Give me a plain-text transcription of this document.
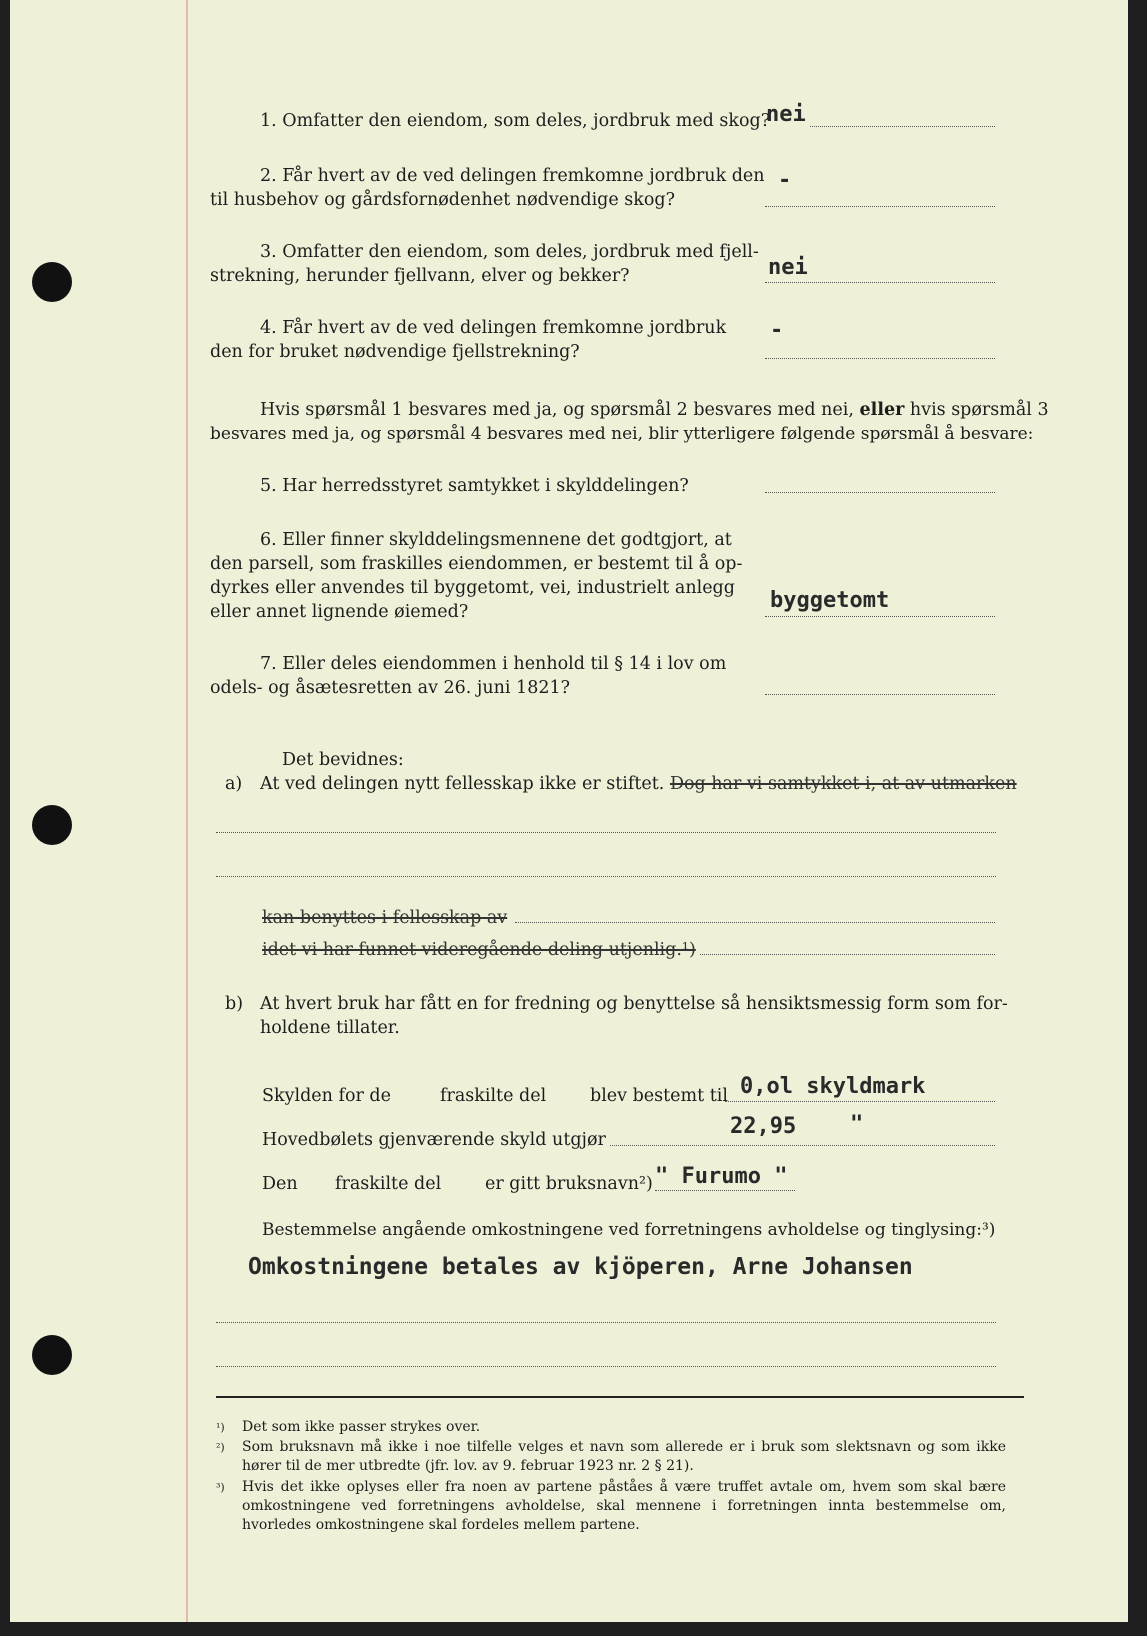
1. Omfatter den eiendom, som deles, jordbruk med skog?
nei
2. Får hvert av de ved delingen fremkomne jordbruk den
til husbehov og gårdsfornødenhet nødvendige skog?
-
3. Omfatter den eiendom, som deles, jordbruk med fjell-
strekning, herunder fjellvann, elver og bekker?	nei
4. Får hvert av de ved delingen fremkomne jordbruk
den for bruket nødvendige fjellstrekning?
-
Hvis spørsmål 1 besvares med ja, og spørsmål 2 besvares med nei, eller hvis spørsmål 3
besvares med ja, og spørsmål 4 besvares med nei, blir ytterligere følgende spørsmål å besvare:
5. Har herredsstyret samtykket i skylddelingen?
6. Eller finner skylddelingsmennene det godtgjort, at
den parsell, som fraskilles eiendommen, er bestemt til å op-
dyrkes eller anvendes til byggetomt, vei, industrielt anlegg
eller annet lignende øiemed?	byggetomt
7. Eller deles eiendommen i henhold til § 14 i lov om
odels- og åsætesretten av 26. juni 1821?
Det bevidnes:
a) At ved delingen nytt fellesskap ikke er stiftet. Dog har vi samtykket i, at av utmarken
kan benyttes i fellesskap av
idet vi har funnet videregående deling utjenlig.¹)
b) At hvert bruk har fått en for fredning og benyttelse så hensiktsmessig form som for-
holdene tillater.
Skylden for de	fraskilte del	blev bestemt til 0,ol skyldmark
Hovedbølets gjenværende skyld utgjør
22,95 "
Den fraskilte del	er gitt bruksnavn²) " Furumo "
Bestemmelse angående omkostningene ved forretningens avholdelse og tinglysing:³)
Omkostningene betales av kjöperen, Arne Johansen
¹) Det som ikke passer strykes over.
²) Som bruksnavn må ikke i noe tilfelle velges et navn som allerede er i bruk som slektsnavn og som ikke hører til de mer utbredte (jfr. lov. av 9. februar 1923 nr. 2 § 21).
³) Hvis det ikke oplyses eller fra noen av partene påståes å være truffet avtale om, hvem som skal bære omkostningene ved forretningens avholdelse, skal mennene i forretningen innta bestemmelse om, hvorledes omkostningene skal fordeles mellem partene.
